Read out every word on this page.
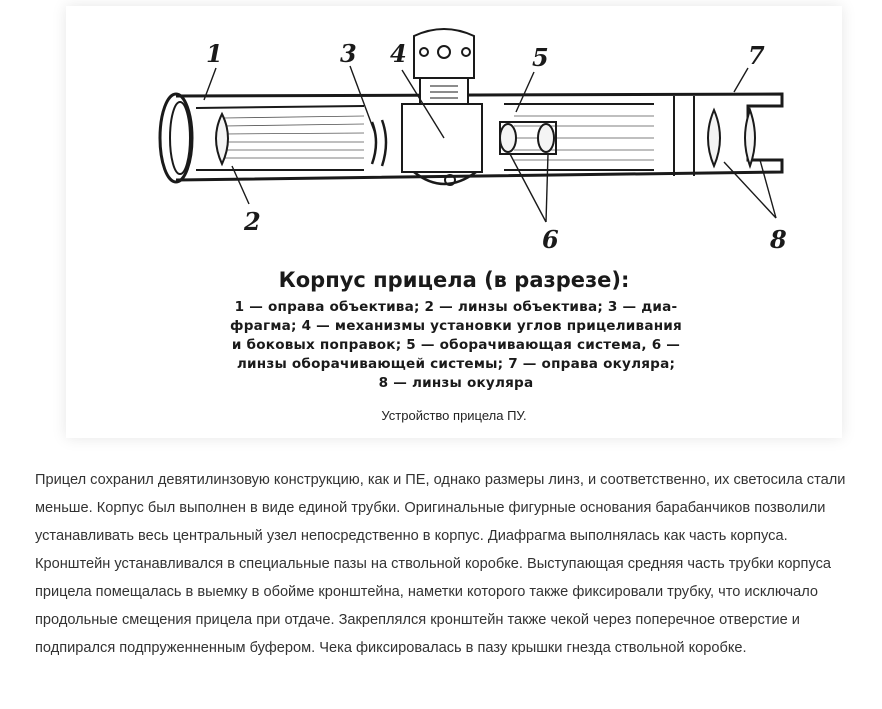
1
2
3 4	5
6
7
8
Корпус прицела (в разрезе):
1 — оправа объектива; 2 — линзы объектива; 3 — диа-
фрагма; 4 — механизмы установки углов прицеливания
и боковых поправок; 5 — оборачивающая система, 6 —
линзы оборачивающей системы; 7 — оправа окуляра;
8 — линзы окуляра
Устройство прицела ПУ.

Прицел сохранил девятилинзовую конструкцию, как и ПЕ, однако размеры линз, и соответственно, их светосила стали меньше. Корпус был выполнен в виде единой трубки. Оригинальные фигурные основания барабанчиков позволили устанавливать весь центральный узел непосредственно в корпус. Диафрагма выполнялась как часть корпуса. Кронштейн устанавливался в специальные пазы на ствольной коробке. Выступающая средняя часть трубки корпуса прицела помещалась в выемку в обойме кронштейна, наметки которого также фиксировали трубку, что исключало продольные смещения прицела при отдаче. Закреплялся кронштейн также чекой через поперечное отверстие и подпирался подпруженненным буфером. Чека фиксировалась в пазу крышки гнезда ствольной коробке.
